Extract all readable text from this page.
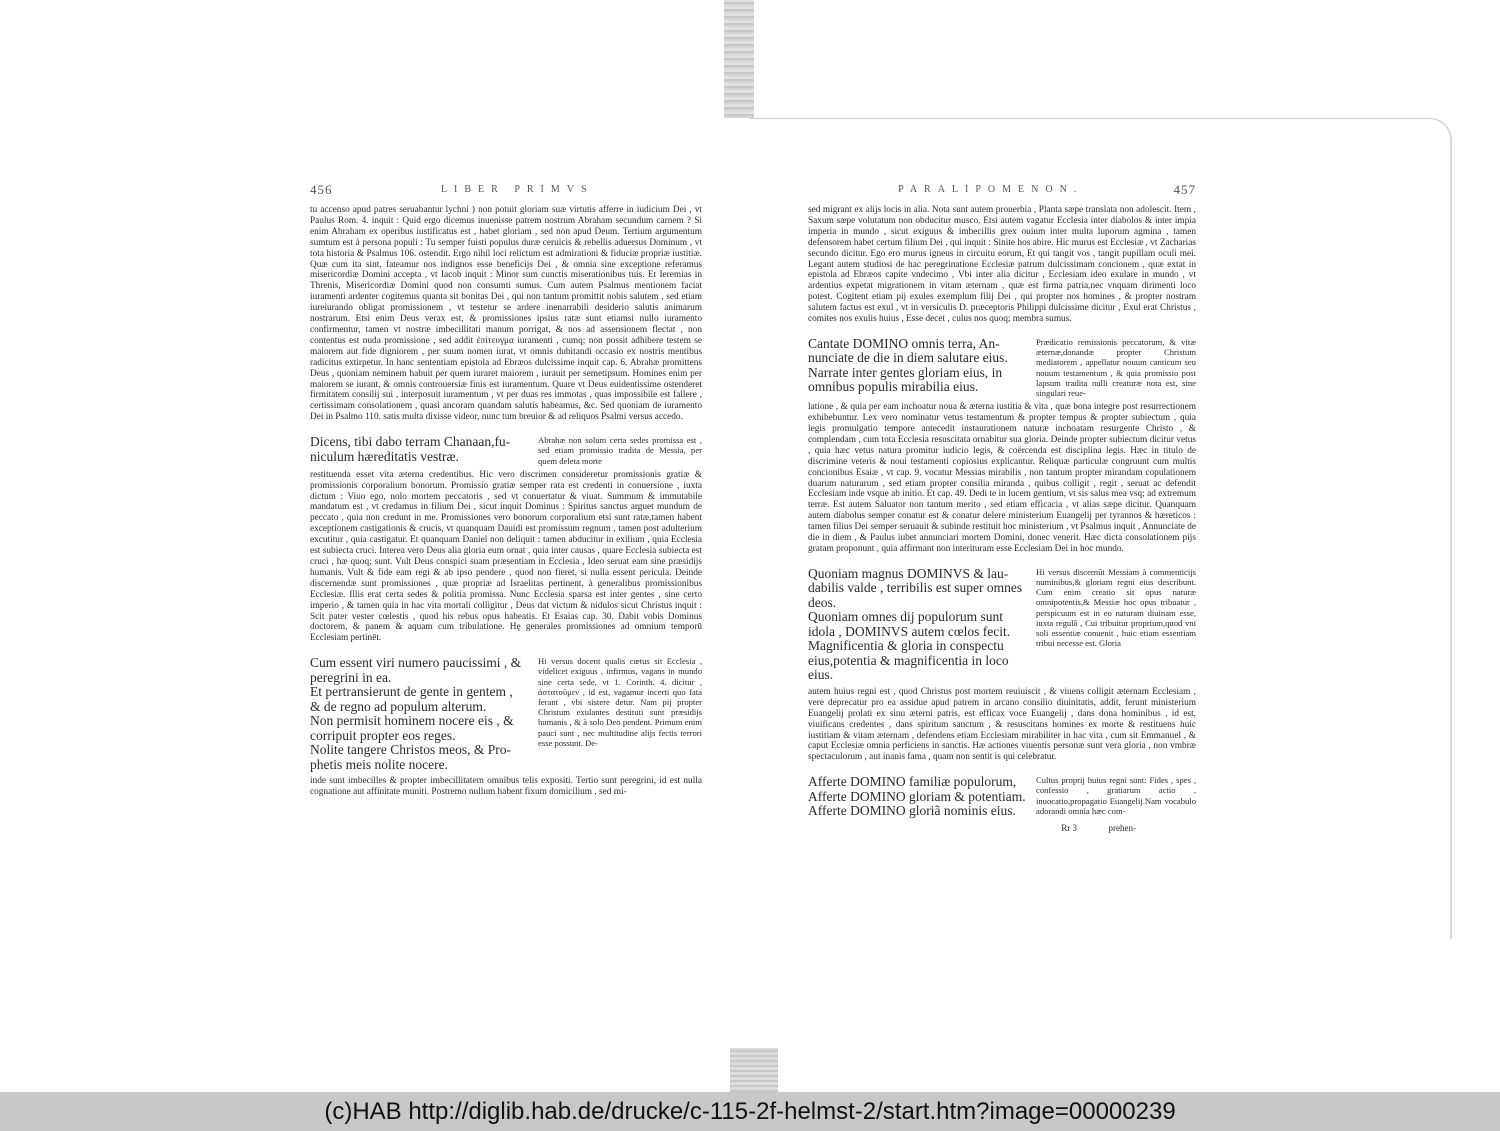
456	LIBER PRIMVS

tu accenso apud patres seruabantur lychni ) non potuit gloriam suæ virtutis afferre in iudicium Dei , vt Paulus Rom. 4. inquit : Quid ergo dicemus inuenisse patrem nostrum Abraham secundum carnem ? Si enim Abraham ex operibus iustificatus est , habet gloriam , sed non apud Deum. Tertium argumentum sumtum est à persona populi : Tu semper fuisti populus duræ ceruicis & rebellis aduersus Dominum , vt tota historia & Psalmus 106. ostendit. Ergo nihil loci relictum est admirationi & fiduciæ propriæ iustitiæ. Quæ cum ita sint, fateamur nos indignos esse beneficijs Dei , & omnia sine exceptione referamus misericordiæ Domini accepta , vt Iacob inquit : Minor sum cunctis miserationibus tuis. Et Ieremias in Threnis, Misericordiæ Domini quod non consumti sumus. Cum autem Psalmus mentionem faciat iuramenti ardenter cogitemus quanta sit bonitas Dei , qui non tantum promittit nobis salutem , sed etiam iureiurando obligat promissionem , vt testetur se ardere inenarrabili desiderio salutis animarum nostrarum. Etsi enim Deus verax est, & promissiones ipsius ratæ sunt etiamsi nullo iuramento confirmentur, tamen vt nostræ imbecillitati manum porrigat, & nos ad assensionem flectat , non contentus est nuda promissione , sed addit ἐπίτευγμα iuramenti , cumq; non possit adhibere testem se maiorem aut fide digniorem , per suum nomen iurat, vt omnis dubitandi occasio ex nostris mentibus radicitus extirpetur. In hanc sententiam epistola ad Ebræos dulcissime inquit cap. 6. Abrahæ promittens Deus , quoniam neminem habuit per quem iuraret maiorem , iurauit per semetipsum. Homines enim per maiorem se iurant, & omnis controuersiæ finis est iuramentum. Quare vt Deus euidentissime ostenderet firmitatem consilij sui , interposuit iuramentum , vt per duas res immotas , quas impossibile est fallere , certissimam consolationem , quasi ancoram quandam salutis habeamus, &c. Sed quoniam de iuramento Dei in Psalmo 110. satis multa dixisse videor, nunc tum breuior & ad reliquos Psalmi versus accedo.

Dicens, tibi dabo terram Chanaan,fu-
niculum hæreditatis vestræ.
Abrahæ non solum certa sedes promissa est , sed etiam promissio tradita de Messia, per quem deleta morte

restituenda esset vita æterna credentibus. Hic vero discrimen consideretur promissionis gratiæ & promissionis corporalium bonorum. Promissio gratiæ semper rata est credenti in conuersione , iuxta dictum : Viuo ego, nolo mortem peccatoris , sed vt conuertatur & viuat. Summum & immutabile mandatum est , vt credamus in filium Dei , sicut inquit Dominus : Spiritus sanctus arguet mundum de peccato , quia non credunt in me. Promissiones vero bonorum corporalium etsi sunt ratæ,tamen habent exceptionem castigationis & crucis, vt quanquam Dauidi est promissum regnum , tamen post adulterium excutitur , quia castigatur. Et quanquam Daniel non deliquit : tamen abducitur in exilium , quia Ecclesia est subiecta cruci. Interea vero Deus alia gloria eum ornat , quia inter causas , quare Ecclesia subiecta est cruci , hæ quoq; sunt. Vult Deus conspici suam præsentiam in Ecclesia , Ideo seruat eam sine præsidijs humanis. Vult & fide eam regi & ab ipso pendere , quod non fieret, si nulla essent pericula. Deinde discernendæ sunt promissiones , quæ propriæ ad Israelitas pertinent, à generalibus promissionibus Ecclesiæ. Illis erat certa sedes & politia promissa. Nunc Ecclesia sparsa est inter gentes , sine certo imperio , & tamen quia in hac vita mortali colligitur , Deus dat victum & nidulos sicut Christus inquit : Scit pater vester cœlestis , quod his rebus opus habeatis. Et Esaias cap. 30. Dabit vobis Dominus doctorem, & panem & aquam cum tribulatione. Hę generales promissiones ad omnium temporū Ecclesiam pertinēt.

Cum essent viri numero paucissimi , &
peregrini in ea.
Et pertransierunt de gente in gentem ,
& de regno ad populum alterum.
Non permisit hominem nocere eis , &
corripuit propter eos reges.
Nolite tangere Christos meos, & Pro-
phetis meis nolite nocere.
Hi versus docent qualis cœtus sit Ecclesia , videlicet exiguus , infirmus, vagans in mundo sine certa sede, vt 1. Corinth. 4. dicitur , ἀστατοῦμεν , id est, vagamur incerti quo fata ferant , vbi sistere detur. Nam pij propter Christum exulantes destituti sunt præsidijs humanis , & à solo Deo pendent. Primum enim pauci sunt , nec multitudine alijs fectis terrori esse possunt. De-

inde sunt imbecilles & propter imbecillitatem omnibus telis expositi. Tertio sunt peregrini, id est nulla cognatione aut affinitate muniti. Postremo nullum habent fixum domicilium , sed mi-

PARALIPOMENON.	457

sed migrant ex alijs locis in alia. Nota sunt autem prouerbia , Planta sæpe translata non adolescit. Item , Saxum sæpe volutatum non obducitur musco. Etsi autem vagatur Ecclesia inter diabolos & inter impia imperia in mundo , sicut exiguus & imbecillis grex ouium inter multa luporum agmina , tamen defensorem habet certum filium Dei , qui inquit : Sinite hos abire. Hic murus est Ecclesiæ , vt Zacharias secundo dicitur. Ego ero murus igneus in circuitu eorum, Et qui tangit vos , tangit pupillam oculi mei. Legant autem studiosi de hac peregrinatione Ecclesiæ patrum dulcissimam concionem , quæ extat in epistola ad Ebræos capite vndecimo , Vbi inter alia dicitur , Ecclesiam ideo exulare in mundo , vt ardentius expetat migrationem in vitam æternam , quæ est firma patria,nec vnquam dirimenti loco potest. Cogitent etiam pij exules exemplum filij Dei , qui propter nos homines , & propter nostram salutem factus est exul , vt in versiculis D. præceptoris Philippi dulcissime dicitur , Exul erat Christus , comites nos exulis huius , Esse decet , culus nos quoq; membra sumus.

Cantate DOMINO omnis terra, An-
nunciate de die in diem salutare eius.
Narrate inter gentes gloriam eius, in
omnibus populis mirabilia eius.
Prædicatio remissionis peccatorum, & vitæ æternæ,donandæ propter Christum mediatorem , appellatur nouum canticum seu nouum testamentum , & quia promissio post lapsum tradita nulli creaturæ nota est, sine singulari reue-

latione , & quia per eam inchoatur noua & æterna iustitia & vita , quæ bona integre post resurrectionem exhibebuntur. Lex vero nominatur vetus testamentum & propter tempus & propter subiectum , quia legis promulgatio tempore antecedit instaurationem naturæ inchoatam resurgente Christo , & complendam , cum tota Ecclesia resuscitata ornabitur sua gloria. Deinde propter subiectum dicitur vetus , quia hæc vetus natura promitur iudicio legis, & coërcenda est disciplina legis. Hæc in titulo de discrimine veteris & noui testamenti copiosius explicantur. Reliquæ particulæ congruunt cum multis concionibus Esaiæ , vt cap. 9. vocatur Messias mirabilis , non tantum propter mirandam copulationem duarum naturarum , sed etiam propter consilia miranda , quibus colligit , regit , seruat ac defendit Ecclesiam inde vsque ab initio. Et cap. 49. Dedi te in lucem gentium, vt sis salus mea vsq; ad extremum terræ. Est autem Saluator non tantum merito , sed etiam efficacia , vt alias sæpe dicitur. Quanquam autem diabolus semper conatur est & conatur delere ministerium Euangelij per tyrannos & hæreticos : tamen filius Dei semper seruauit & subinde restituit hoc ministerium , vt Psalmus inquit , Annunciate de die in diem , & Paulus iubet annunciari mortem Domini, donec venerit. Hæc dicta consolationem pijs gratam proponunt , quia affirmant non interituram esse Ecclesiam Dei in hoc mundo.

Quoniam magnus DOMINVS & lau-
dabilis valde , terribilis est super omnes
deos.
Quoniam omnes dij populorum sunt
idola , DOMINVS autem cœlos fecit.
Magnificentia & gloria in conspectu
eius,potentia & magnificentia in loco eius.
Hi versus discernũt Messiam à commenticijs numinibus,& gloriam regni eius describunt. Cum enim creatio sit opus naturæ omnipotentis,& Messiæ hoc opus tribuatur , perspicuum est in eo naturam diuinam esse, iuxta regulâ , Cui tribuitur proprium,quod vni soli essentiæ conuenit , huic etiam essentiam tribui necesse est. Gloria

autem huius regni est , quod Christus post mortem reuiuiscit , & viuens colligit æternam Ecclesiam , vere deprecatur pro ea assidue apud patrem in arcano consilio diuinitatis, addit, ferunt ministerium Euangelij prolati ex sinu æterni patris, est efficax voce Euangelij , dans dona hominibus , id est, viuificans credentes , dans spiritum sanctum , & resuscitans homines ex morte & restituens huic iustitiam & vitam æternam , defendens etiam Ecclesiam mirabiliter in hac vita , cum sit Emmanuel , & caput Ecclesiæ omnia perficiens in sanctis. Hæ actiones viuentis personæ sunt vera gloria , non vmbræ spectaculorum , aut inanis fama , quam non sentit is qui celebratur.

Afferte DOMINO familiæ populorum,
Afferte DOMINO gloriam & potentiam.
Afferte DOMINO gloriã nominis eius.
Cultus proprij huius regni sunt: Fides , spes , confessio , gratiarum actio , inuocatio,propagatio Euangelij.Nam vocabulo adorandi omnia hæc com-
Rr 3	prehen-
(c)HAB http://diglib.hab.de/drucke/c-115-2f-helmst-2/start.htm?image=00000239
